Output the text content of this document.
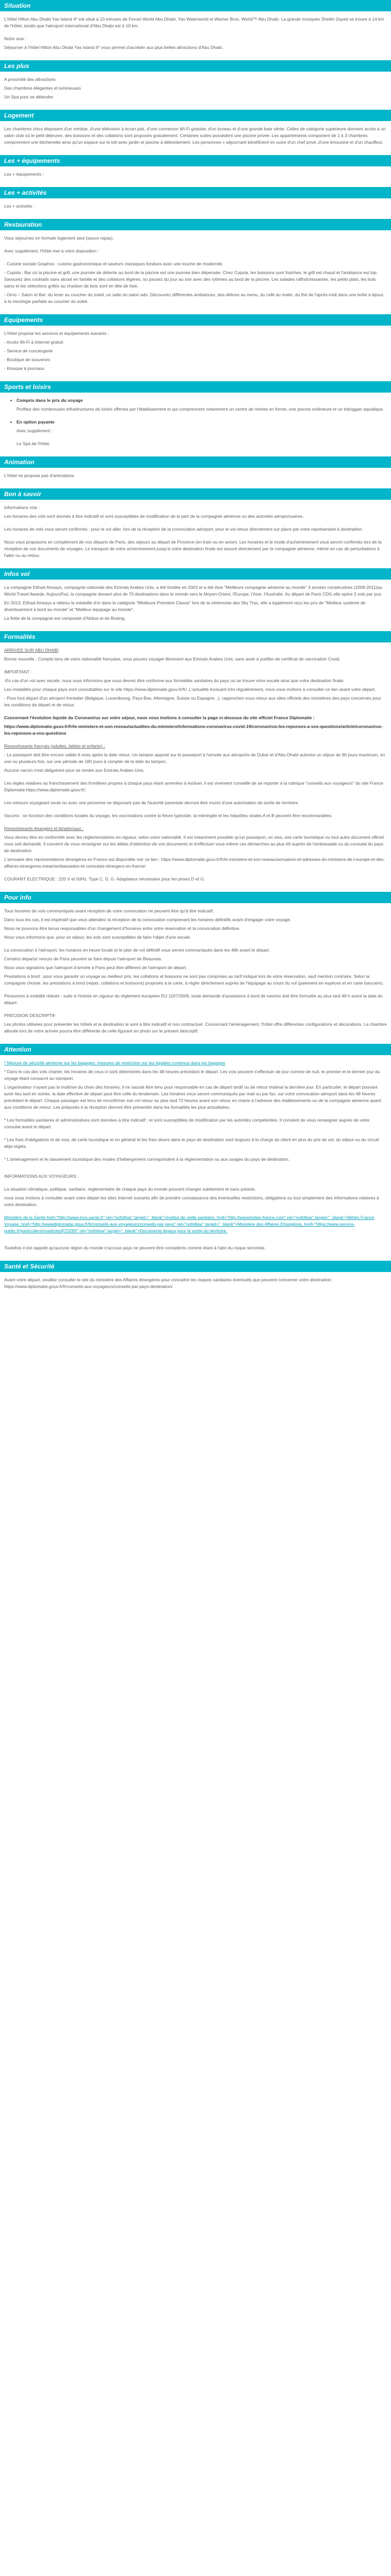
Situation

L'hôtel Hilton Abu Dhabi Yas Island 4* est situé à 10 minutes de Ferrari World Abu Dhabi, Yas Waterworld et Warner Bros. World™ Abu Dhabi. La grande mosquée Sheikh Zayed se trouve à 14 km de l'hôtel, tandis que l'aéroport international d'Abu Dhabi est à 10 km.

Notre avis :

Séjourner à l'hôtel Hilton Abu Dhabi Yas Island 4* vous permet d'accéder aux plus belles attractions d'Abu Dhabi.

Les plus

A proximité des attractions

Des chambres élégantes et lumineuses

Un Spa pour se détendre

Logement

Les chambres chics disposent d'un minibar, d'une télévision à écran plat, d'une connexion Wi-Fi gratuite, d'un bureau et d'une grande baie vitrée. Celles de catégorie supérieure donnent accès à un salon club où le petit-déjeuner, des boissons et des collations sont proposés gratuitement. Certaines suites possèdent une piscine privée. Les appartements comportent de 1 à 3 chambres comprennent une kitchenette ainsi qu'un espace sur le toit avec jardin et piscine à débordement. Les personnes « séjournant bénéficient en outre d'un chef privé, d'une limousine et d'un chauffeur.

Les + équipements

Les + équipements :

Les + activités

Les + activités :

Restauration

Vous séjournez en formule logement seul (sauce repas).

Avec supplément, l'hôtel met à votre disposition :

- Cuisine sociale Graphox : cuisine gastronomique et saveurs classiques fondues avec une touche de modernité.

- Cupola : Bar où la piscine et grill, une journée de détente au bord de la piscine est une journée bien dépensée. Chez Cupola, les boissons sont fraîches, le grill est chaud et l'ambiance est top. Savourez des cocktails sans alcool en famille et des collations légères, ou passez du jour au soir avec des rythmes au bord de la piscine. Les salades raffraîchissantes, les petits plats, les bols sains et les sélections grillés au charbon de bois sont en tête de liste.

- Orno – Salon et Bar: du lever au coucher du soleil, un salle du salon ado. Découvrez différentes ambiances, des délices au menu, du café du matin, du thé de l'après-midi dans une boîte à bijoux à la mixologie parfaite au coucher du soleil.

Equipements

L'hôtel propose les services et équipements suivants :

- Accès Wi-Fi à Internet gratuit

- Service de conciergerie

- Boutique de souvenirs

- Kiosque à journaux

Sports et loisirs
• Compris dans le prix du voyage

Profitez des nombreuses infrastructures de loisirs offertes par l'établissement et qui comprennent notamment un centre de remise en forme, une piscine extérieure et un toboggan aquatique.

• En option payante

Avec supplément :

Le Spa de l'hôtel.

Animation

L'hôtel ne propose pas d'animations.

Bon à savoir

Informations vols :

Les horaires des vols sont donnés à titre indicatif et sont susceptibles de modification de la part de la compagnie aérienne ou des autorités aéroportuaires.

Les horaires de vols vous seront confirmés : pour le vol aller, lors de la réception de la convocation aéroport, pour le vol retour directement sur place par votre représentant à destination.

Nous vous proposons en complément de nos départs de Paris, des séjours au départ de Province (en train ou en avion). Les horaires et le mode d'acheminement vous seront confirmés lors de la réception de vos documents de voyages. Le transport de votre acheminement jusqu'à votre destination finale est assuré directement par la compagnie aérienne, même en cas de perturbations à l'aller ou au retour.

Infos vol

La compagnie Etihad Airways, compagnie nationale des Emirats Arabes Unis, a été fondée en 2003 et a été élue "Meilleure compagnie aérienne au monde" 3 années consécutives (2009-2011)au World Travel Awards. Aujourd'hui, la compagnie dessert plus de 70 destinations dans le monde vers le Moyen-Orient, l'Europe, l'Asie, l'Australie. Au départ de Paris CDG elle opère 2 vols par jour.

En 2013, Etihad Airways a obtenu la médaille d'or dans la catégorie "Meilleure Première Classe" lors de la cérémonie des Sky Trax, elle a également reçu les prix de "Meilleur système de divertissement à bord au monde" et "Meilleur équipage au monde".

La flotte de la compagnie est composée d'Airbus et de Boeing.

Formalités

ARRIVEE SUR ABU DHABI

Bonne nouvelle : Compte tenu de votre nationalité française, vous pouvez voyager librement aux Emirats Arabes Unis, sans avoir à justifier de certificat de vaccination Covid.

IMPORTANT :

-En cas d'un vol avec escale, nous vous informons que vous devrez être conforme aux formalités sanitaires du pays où se trouve votre escale ainsi que votre destination finale.

Les modalités pour chaque pays sont consultables sur le site https://www.diplomatie.gouv.fr/fr/. L'actualité évoluant très régulièrement, nous vous invitons à consulter ce lien avant votre départ.

- Pour tout départ d'un aéroport frontalier (Belgique, Luxembourg, Pays-Bas, Allemagne, Suisse ou Espagne...), rapprochez-vous retour aux sites officiels des ministères des pays concernés pour les conditions de départ et de retour.

Concernant l'évolution liquide du Coronavirus sur votre séjour, nous vous invitons à consulter la page ci-dessous du site officiel France Diplomatie :

https://www.diplomatie.gouv.fr/fr/le-ministere-et-son-reseau/actualites-du-ministere/informations-coronavirus-covid-19/coronavirus-les-reponses-a-vos-questions/article/coronavirus-les-reponses-a-vos-questions

Ressortissants français (adultes, bébés et enfants) :

- Le passeport doit être encore valide 6 mois après la date retour. Un tampon apposé sur le passeport à l'arrivée aux aéroports de Dubaï et d'Abu Dhabi autorise un séjour de 90 jours maximum, en une ou plusieurs fois, sur une période de 180 jours à compter de la date du tampon.

Aucune vaccin n'est obligatoire pour se rendre aux Emirats Arabes Unis.

Les règles relatives au franchissement des frontières propres à chaque pays étant amenées à évoluer, il est vivement conseillé de se reporter à la rubrique "conseils aux voyageurs" du site France Diplomatie.https://www.diplomatie.gouv.fr/.

Les mineurs voyageant seuls ou avec une personne ne disposant pas de l'autorité parentale devront être munis d'une autorisation de sortie de territoire.

Vaccins : se fonction des conditions locales du voyage, les vaccinations contre la fièvre typhoïde, la méningite et les hépatites virales A et B peuvent être recommandées.

Ressortissants étrangers et binationaux :

Vous devrez être en conformité avec les réglementations en vigueur, selon votre nationalité. Il est notamment possible qu'un passeport, un visa, une carte touristique ou tout autre document officiel vous soit demandé. Il convient de vous renseigner sur les délais d'obtention de vos documents et d'effectuer vous-même ces démarches au plus tôt auprès de l'ambassade ou du consulat du pays de destination.

L'annuaire des représentations étrangères en France est disponible voir ce lien : https://www.diplomatie.gouv.fr/fr/le-ministere-et-son-reseau/annuaires-et-adresses-du-ministere-de-l-europe-et-des-affaires-etrangeres-meae/ambassades-et-consulats-etrangers-en-france/

COURANT ELECTRIQUE : 220 V et 50Hz. Type C, D, G. Adaptateur nécessaire pour les prises D et G.

Pour info

Tous horaires de vols communiqués avant réception de votre convocation ne peuvent être qu'à titre indicatif.

Dans tous les cas, il est impératif que vous attendiez la réception de la convocation comprenant les horaires définitifs avant d'engager votre voyage.

Nous ne pouvons être tenus responsables d'un changement d'horaires entre votre réservation et la convocation définitive.

Nous vous informons que, pour ce séjour, les vols sont susceptibles de faire l'objet d'une escale.

La convocation à l'aéroport, les horaires en heure locale et le plan de vol définitif vous seront communiqués dans les 48h avant le départ.

Certains départs/ retours de Paris peuvent se faire depuis l'aéroport de Beauvais.

Nous vous signalons que l'aéroport d'arrivée à Paris peut être différent de l'aéroport de départ.

Prestations à bord : pour vous garantir un voyage au meilleur prix, les collations et boissons ne sont pas comprises au tarif indiqué lors de votre réservation, sauf mention contraire. Selon la compagnie choisie, les prestations à bord (repas, collations et boissons) proposés à la carte, à régler directement auprès de l'équipage au cours du vol (paiement en espèces et en carte bancaire).

Personnes à mobilité réduite : suite à l'entrée en vigueur du règlement européen EU 1107/2006, toute demande d'assistance à bord de navires doit être formulée au plus tard 48 h avant la date du départ.

PRECISION DESCRIPTIF

Les photos utilisées pour présenter les hôtels et la destination le sont à titre indicatif et non contractuel. Concernant l'aménagement, l'hôtel offre différentes configurations et décorations. La chambre allouée lors de votre arrivée pourra être différente de celle figurant en photo sur le présent descriptif.

Attention

* Mesure de sécurité aérienne sur les bagages: mesures de restriction sur les liquides contenus dans les bagages

* Dans le cas des vols charter, les horaires de ceux-ci sont déterminés dans les 48 heures précédant le départ. Les vols peuvent s'effectuer de jour comme de nuit, le premier et le dernier jour du voyage étant consacré au transport.

L'organisateur n'ayant pas la maîtrise du choix des horaires, il ne saurait être tenu pour responsable en cas de départ tardif ou de retour matinal la dernière jour. En particulier, le départ pouvant avoir lieu tard en soirée, la date effective de départ peut être celle du lendemain. Les horaires vous seront communiqués par mail ou par fax, sur votre convocation aéroport dans les 48 heures précédant le départ. Chaque passager est tenu de reconfirmer son vol retour au plus tard 72 heures avant son retour en mairie à l'adresse des établissements ou de la compagnie aérienne quant aux conditions de retour. Les préposés à la réception devront être présentés dans les formalités les plus actualisées.

* Les formalités sanitaires et administratives sont données à titre indicatif : et sont susceptibles de modification par les autorités compétentes. Il convient de vous renseigner auprès de votre consulat avant le départ.

* Les frais d'obligations et de visa, de carte touristique et en général et les frais divers dans le pays de destination sont toujours à la charge du client en plus du prix de vol, du séjour ou du circuit déjà réglés.

* L'aménagement et le classement touristique des modes d'hébergement correspondent à la réglementation ou aux usages du pays de destination.

INFORMATIONS AUX VOYAGEURS :

La situation climatique, politique, sanitaire, réglementaire de chaque pays du monde pouvant changer subitement et sans préavis.

nous vous invitons à consulter avant votre départ les sites Internet suivants afin de prendre connaissance des éventuelles restrictions, obligations ou tout simplement des informations relatives à votre destination.

Ministère de la Santé href="http://www.invs.sante.fr" rel="nofollow" target="_blank">Institut de veille sanitaire, href="http://wwwmeteo-france.com" rel="nofollow" target="_blank">Météo France Voyage, href="http://wwwdiplomatie.gouv.fr/fr/conseils-aux-voyageurs/conseils-par-pays" rel="nofollow" target="_blank">Ministère des Affaires Etrangères, href="https://www.service-public.fr/particuliers/vosdroits/F23283" rel="nofollow" target="_blank">Documents légaux pour la sortie du territoire.

Toutefois il est rappelé qu'aucune région du monde n'accuse pays ne peuvent être considérés comme étant à l'abri du risque terroriste.

Santé et Sécurité

Avant votre départ, veuillez consulter le site du ministère des Affaires étrangères pour connaître les risques sanitaires éventuels que peuvent concerner votre destination : https://www.diplomatie.gouv.fr/fr/conseils-aux-voyageurs/conseils-par-pays-destination/
